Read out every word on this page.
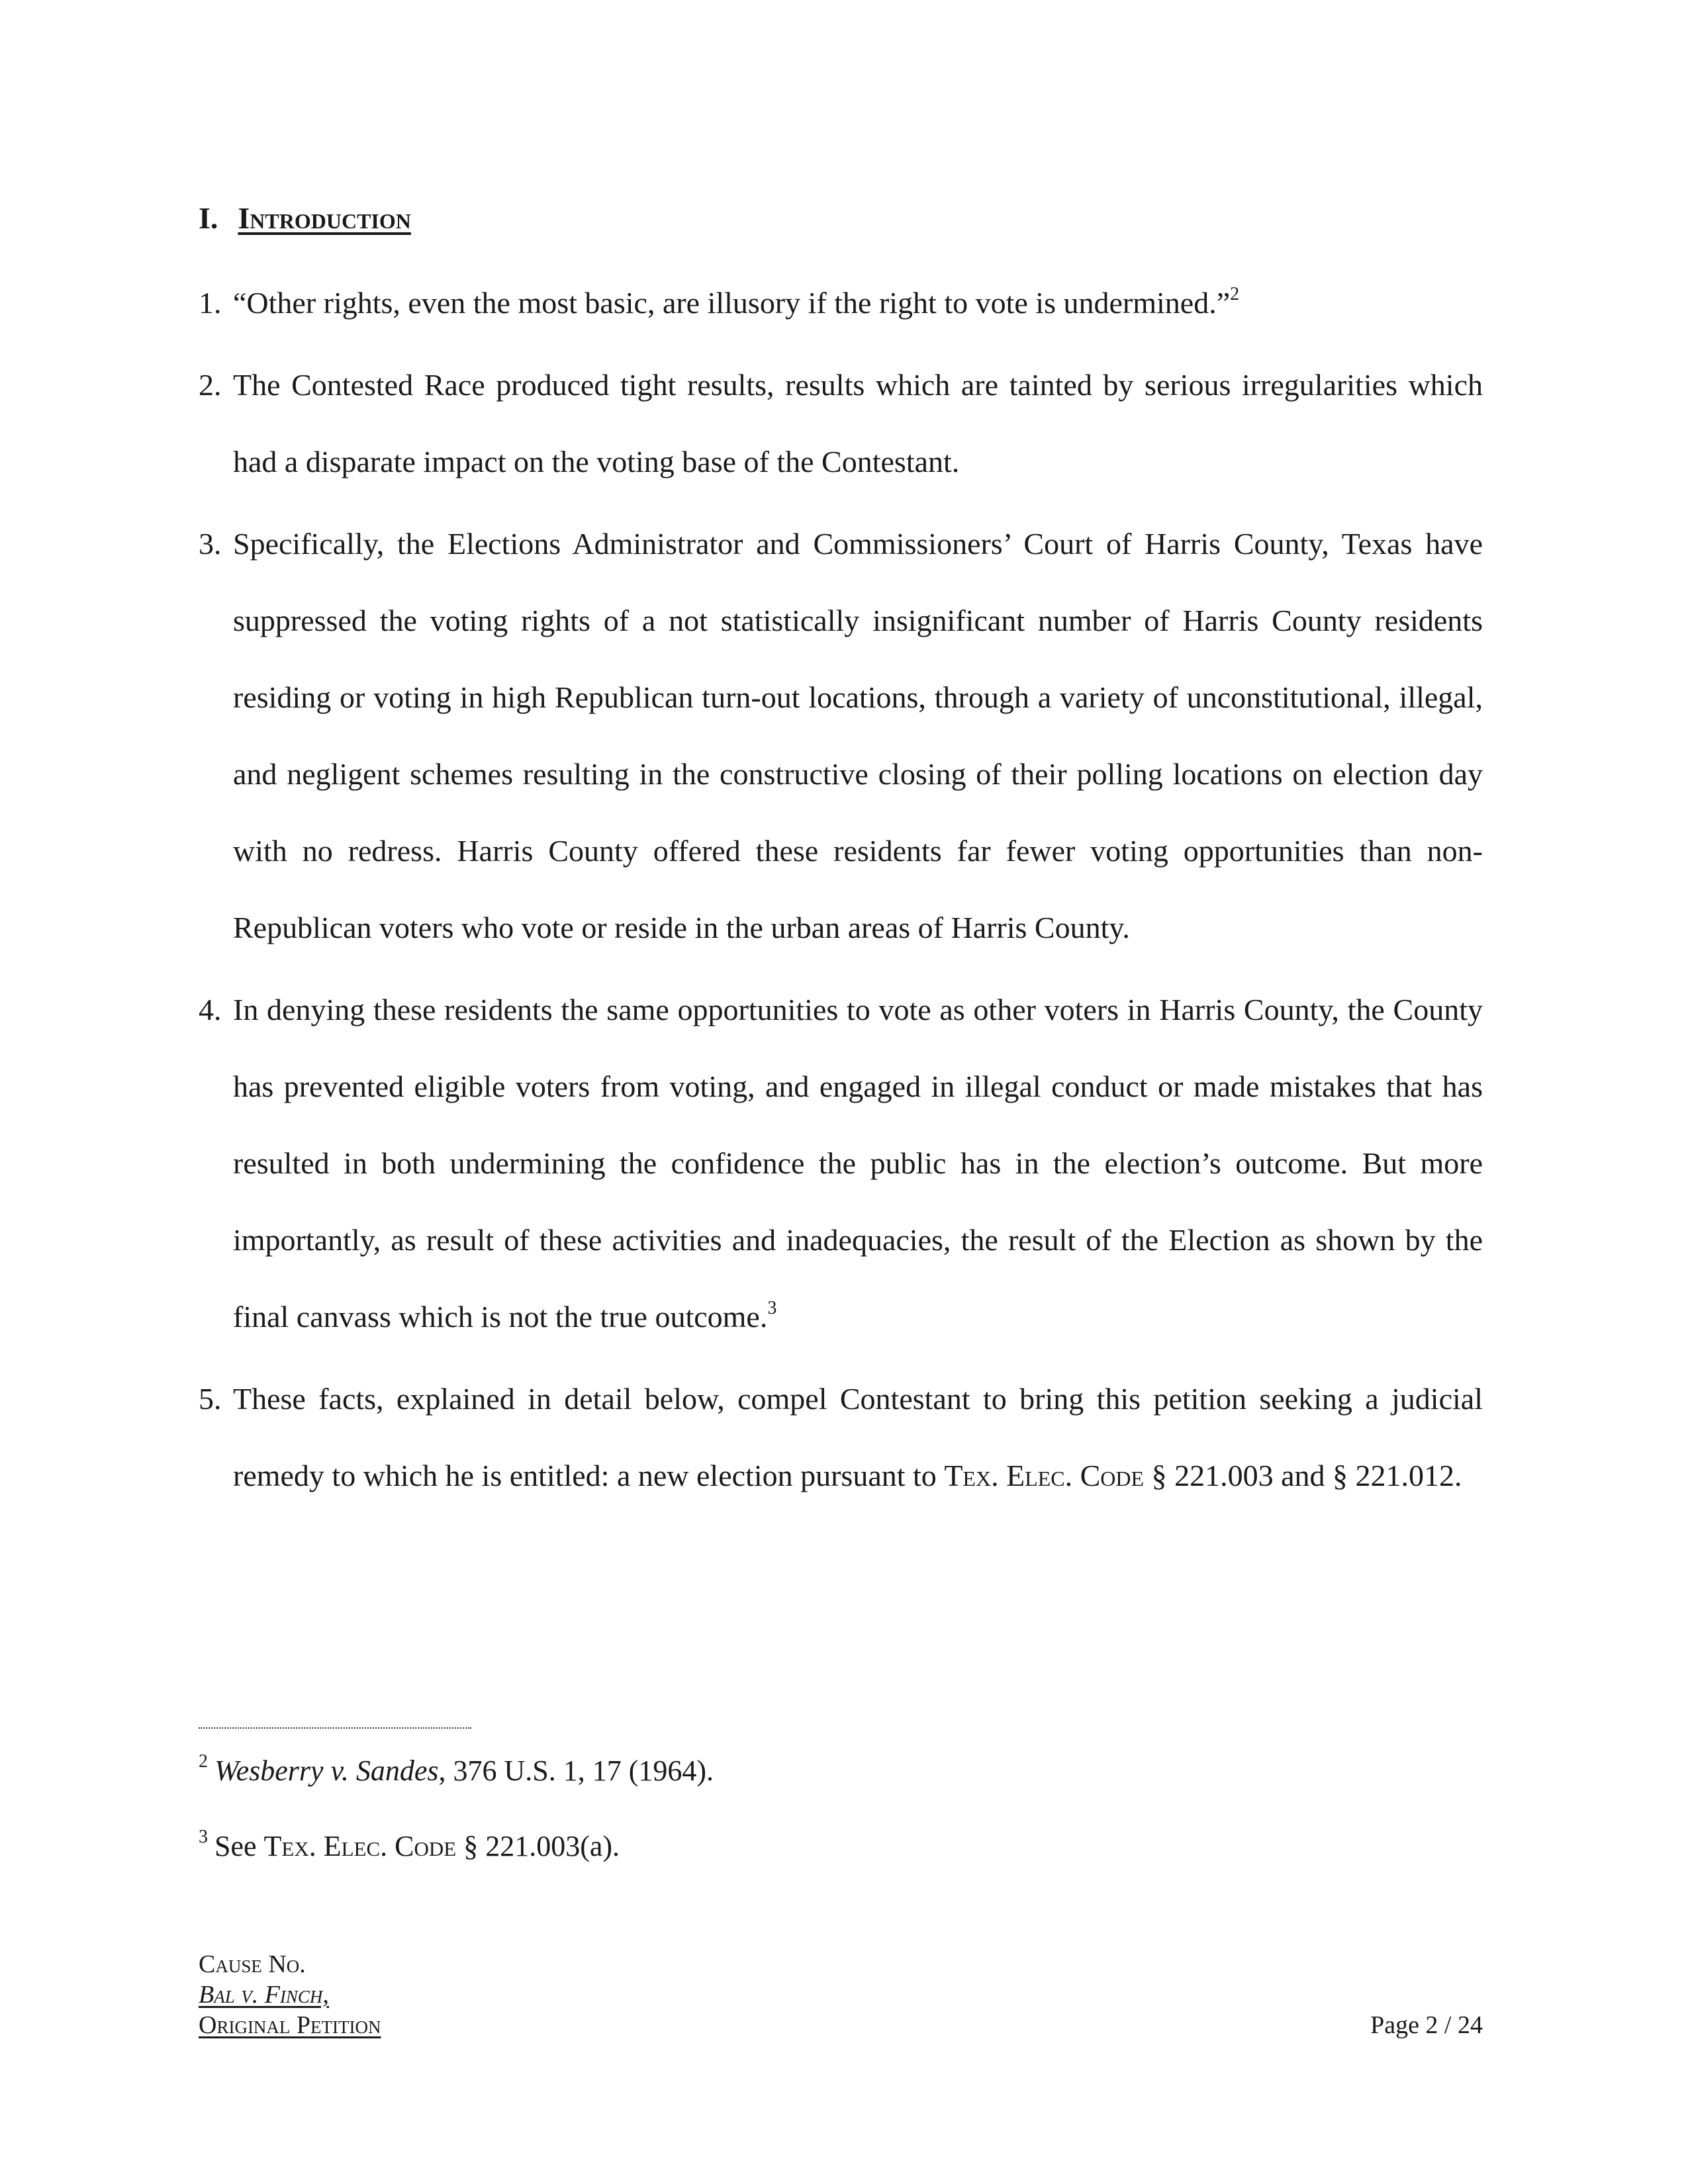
I. Introduction

1. “Other rights, even the most basic, are illusory if the right to vote is undermined.”$^2$

2. The Contested Race produced tight results, results which are tainted by serious irregularities which had a disparate impact on the voting base of the Contestant.

3. Specifically, the Elections Administrator and Commissioners’ Court of Harris County, Texas have suppressed the voting rights of a not statistically insignificant number of Harris County residents residing or voting in high Republican turn-out locations, through a variety of unconstitutional, illegal, and negligent schemes resulting in the constructive closing of their polling locations on election day with no redress. Harris County offered these residents far fewer voting opportunities than non-Republican voters who vote or reside in the urban areas of Harris County.

4. In denying these residents the same opportunities to vote as other voters in Harris County, the County has prevented eligible voters from voting, and engaged in illegal conduct or made mistakes that has resulted in both undermining the confidence the public has in the election’s outcome. But more importantly, as result of these activities and inadequacies, the result of the Election as shown by the final canvass which is not the true outcome.$^3$

5. These facts, explained in detail below, compel Contestant to bring this petition seeking a judicial remedy to which he is entitled: a new election pursuant to Tex. Elec. Code § 221.003 and § 221.012.

$^2$ Wesberry v. Sandes, 376 U.S. 1, 17 (1964).

$^3$ See Tex. Elec. Code § 221.003(a).

Cause No.
Bal v. Finch,
Original Petition	Page 2 / 24
